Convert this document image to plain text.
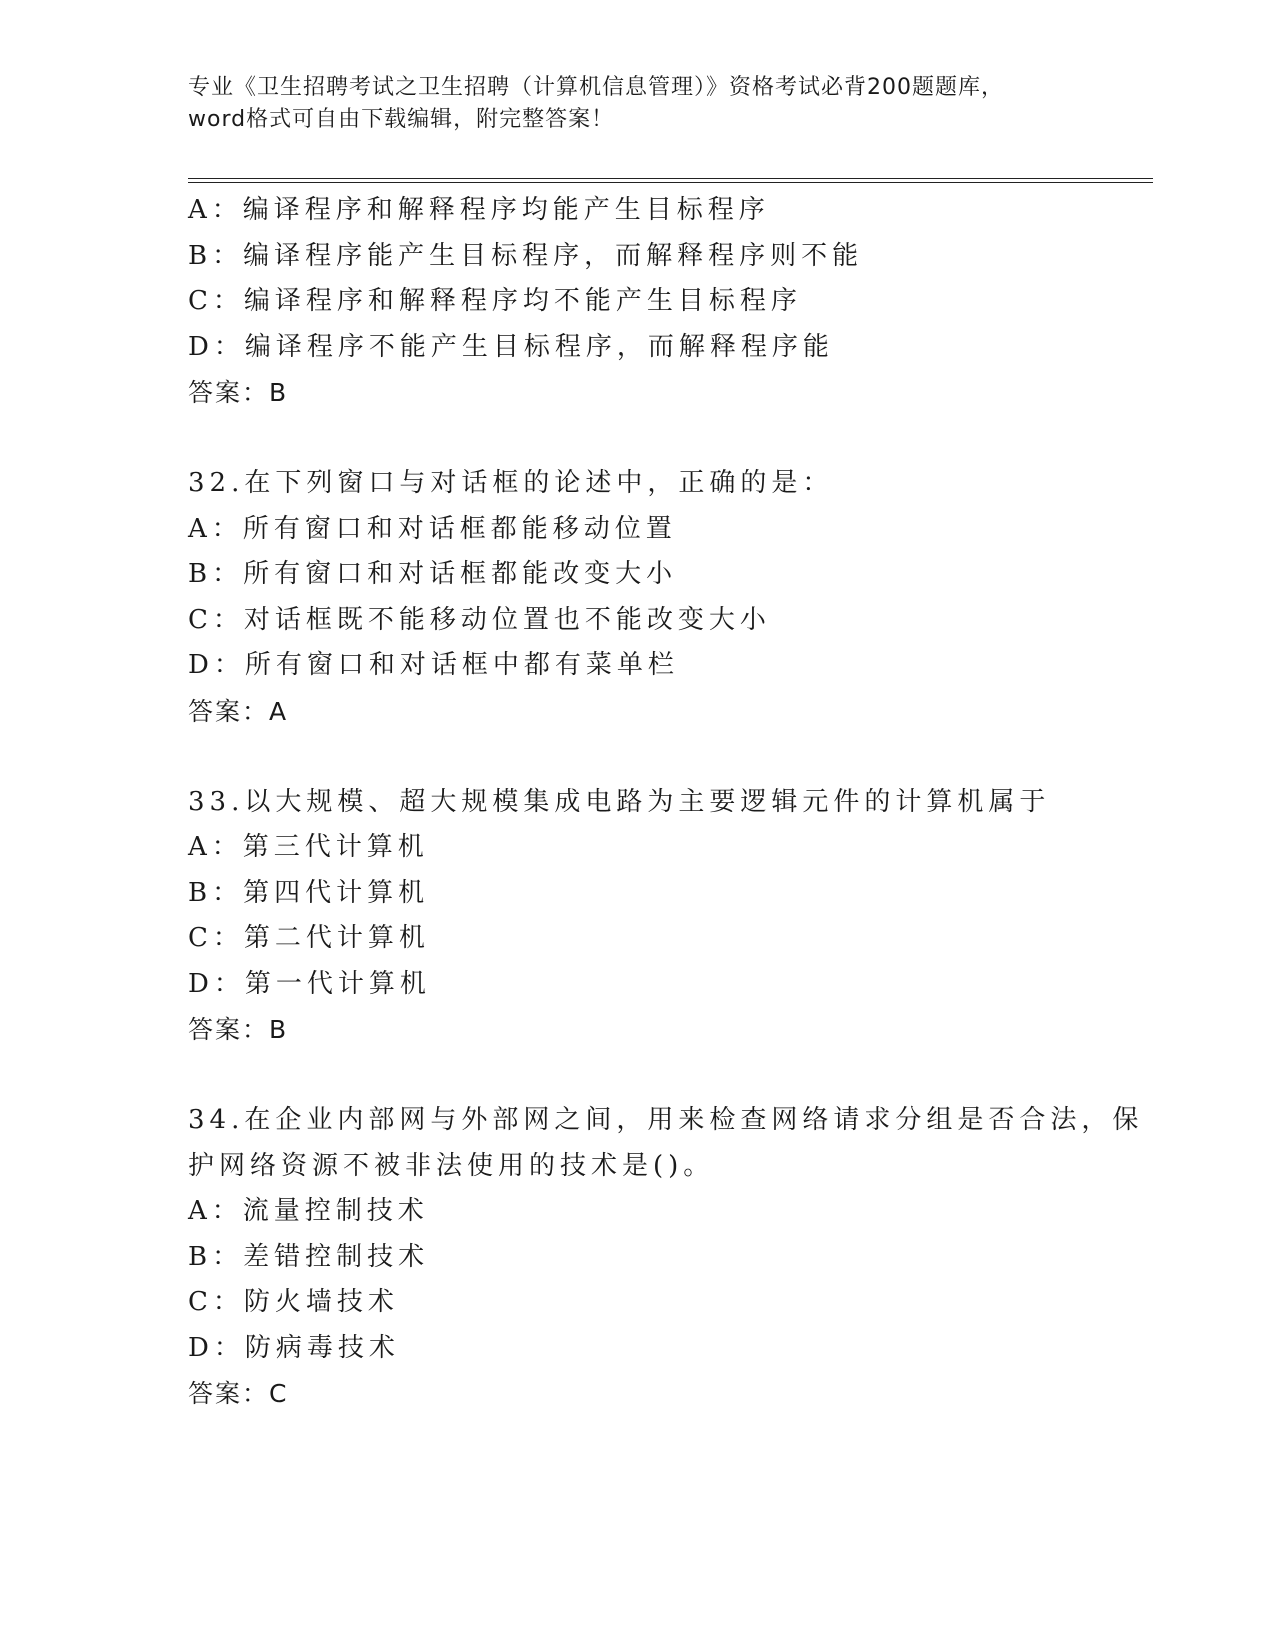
专业《卫生招聘考试之卫生招聘（计算机信息管理）》资格考试必背200题题库，
word格式可自由下载编辑，附完整答案！
A：编译程序和解释程序均能产生目标程序
B：编译程序能产生目标程序，而解释程序则不能
C：编译程序和解释程序均不能产生目标程序
D：编译程序不能产生目标程序，而解释程序能
答案：B
32.在下列窗口与对话框的论述中，正确的是：
A：所有窗口和对话框都能移动位置
B：所有窗口和对话框都能改变大小
C：对话框既不能移动位置也不能改变大小
D：所有窗口和对话框中都有菜单栏
答案：A
33.以大规模、超大规模集成电路为主要逻辑元件的计算机属于
A：第三代计算机
B：第四代计算机
C：第二代计算机
D：第一代计算机
答案：B
34.在企业内部网与外部网之间，用来检查网络请求分组是否合法，保
护网络资源不被非法使用的技术是()。
A：流量控制技术
B：差错控制技术
C：防火墙技术
D：防病毒技术
答案：C
